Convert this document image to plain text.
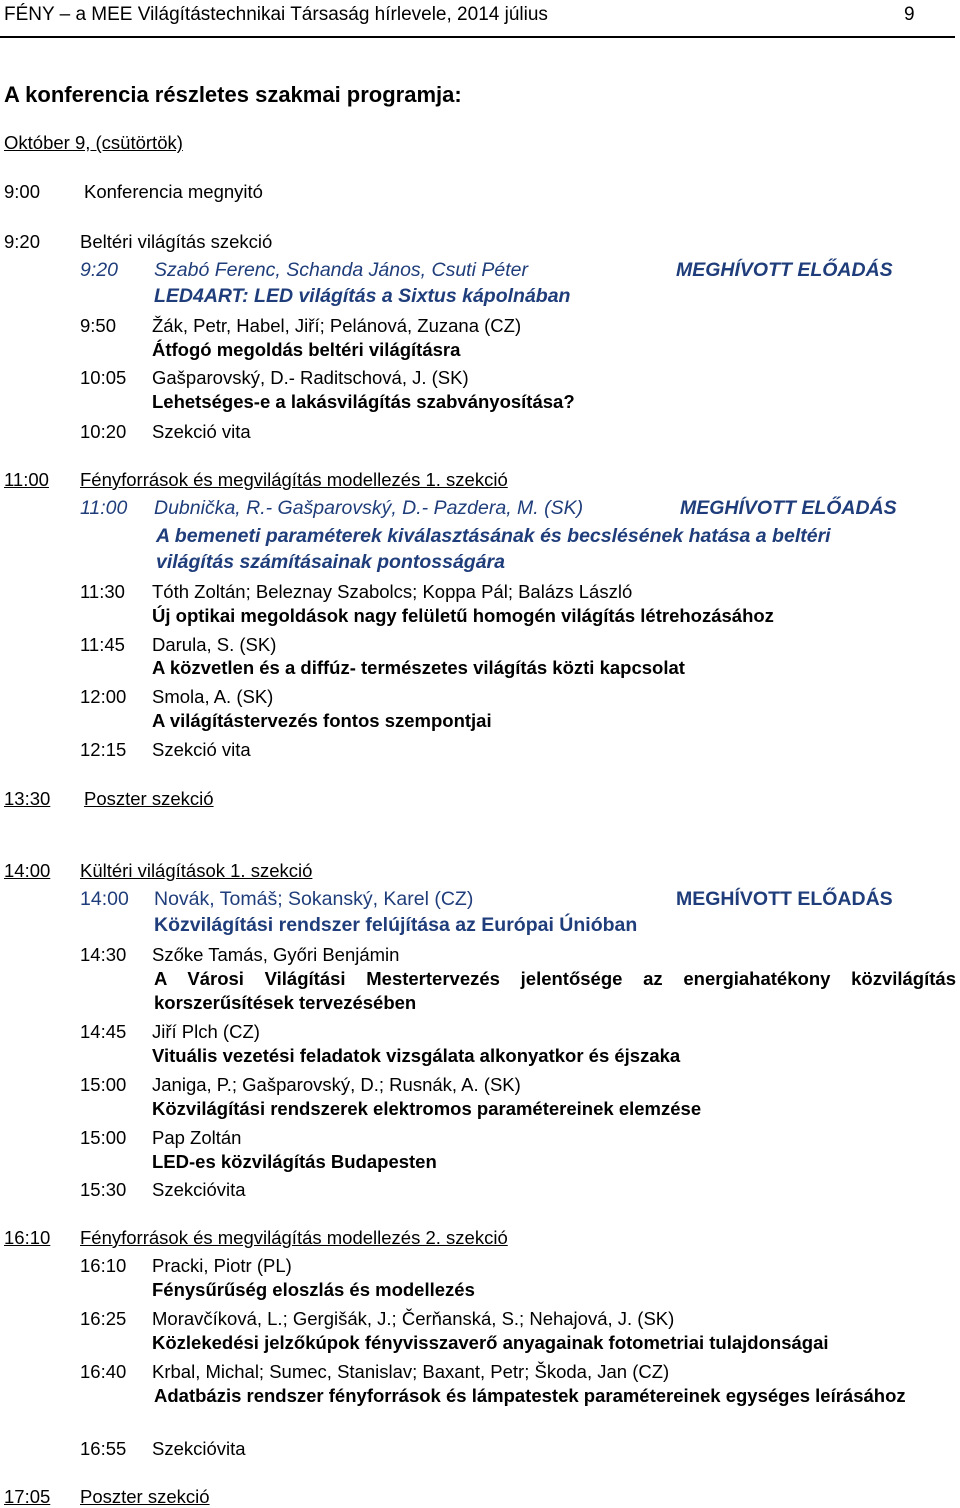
FÉNY – a MEE Világítástechnikai Társaság hírlevele, 2014 július	9
A konferencia részletes szakmai programja:
Október 9, (csütörtök)
9:00 Konferencia megnyitó
9:20 Beltéri világítás szekció
9:20 Szabó Ferenc, Schanda János, Csuti Péter	MEGHÍVOTT ELŐADÁS
LED4ART: LED világítás a Sixtus kápolnában
9:50 Žák, Petr, Habel, Jiří; Pelánová, Zuzana (CZ)
Átfogó megoldás beltéri világításra
10:05 Gašparovský, D.- Raditschová, J. (SK)
Lehetséges-e a lakásvilágítás szabványosítása?
10:20 Szekció vita
11:00 Fényforrások és megvilágítás modellezés 1. szekció
11:00 Dubnička, R.- Gašparovský, D.- Pazdera, M. (SK)	MEGHÍVOTT ELŐADÁS
A bemeneti paraméterek kiválasztásának és becslésének hatása a beltéri
világítás számításainak pontosságára
11:30 Tóth Zoltán; Beleznay Szabolcs; Koppa Pál; Balázs László
Új optikai megoldások nagy felületű homogén világítás létrehozásához
11:45 Darula, S. (SK)
A közvetlen és a diffúz- természetes világítás közti kapcsolat
12:00 Smola, A. (SK)
A világítástervezés fontos szempontjai
12:15 Szekció vita
13:30 Poszter szekció
14:00 Kültéri világítások 1. szekció
14:00 Novák, Tomáš; Sokanský, Karel (CZ)	MEGHÍVOTT ELŐADÁS
Közvilágítási rendszer felújítása az Európai Únióban
14:30 Szőke Tamás, Győri Benjámin
A Városi Világítási Mestertervezés jelentősége az energiahatékony közvilágítás korszerűsítések tervezésében
14:45 Jiří Plch (CZ)
Vituális vezetési feladatok vizsgálata alkonyatkor és éjszaka
15:00 Janiga, P.; Gašparovský, D.; Rusnák, A. (SK)
Közvilágítási rendszerek elektromos paramétereinek elemzése
15:00 Pap Zoltán
LED-es közvilágítás Budapesten
15:30 Szekcióvita
16:10 Fényforrások és megvilágítás modellezés 2. szekció
16:10 Pracki, Piotr (PL)
Fénysűrűség eloszlás és modellezés
16:25 Moravčíková, L.; Gergišák, J.; Čerňanská, S.; Nehajová, J. (SK)
Közlekedési jelzőkúpok fényvisszaverő anyagainak fotometriai tulajdonságai
16:40 Krbal, Michal; Sumec, Stanislav; Baxant, Petr; Škoda, Jan (CZ)
Adatbázis rendszer fényforrások és lámpatestek paramétereinek egységes leírásához
16:55 Szekcióvita
17:05 Poszter szekció
